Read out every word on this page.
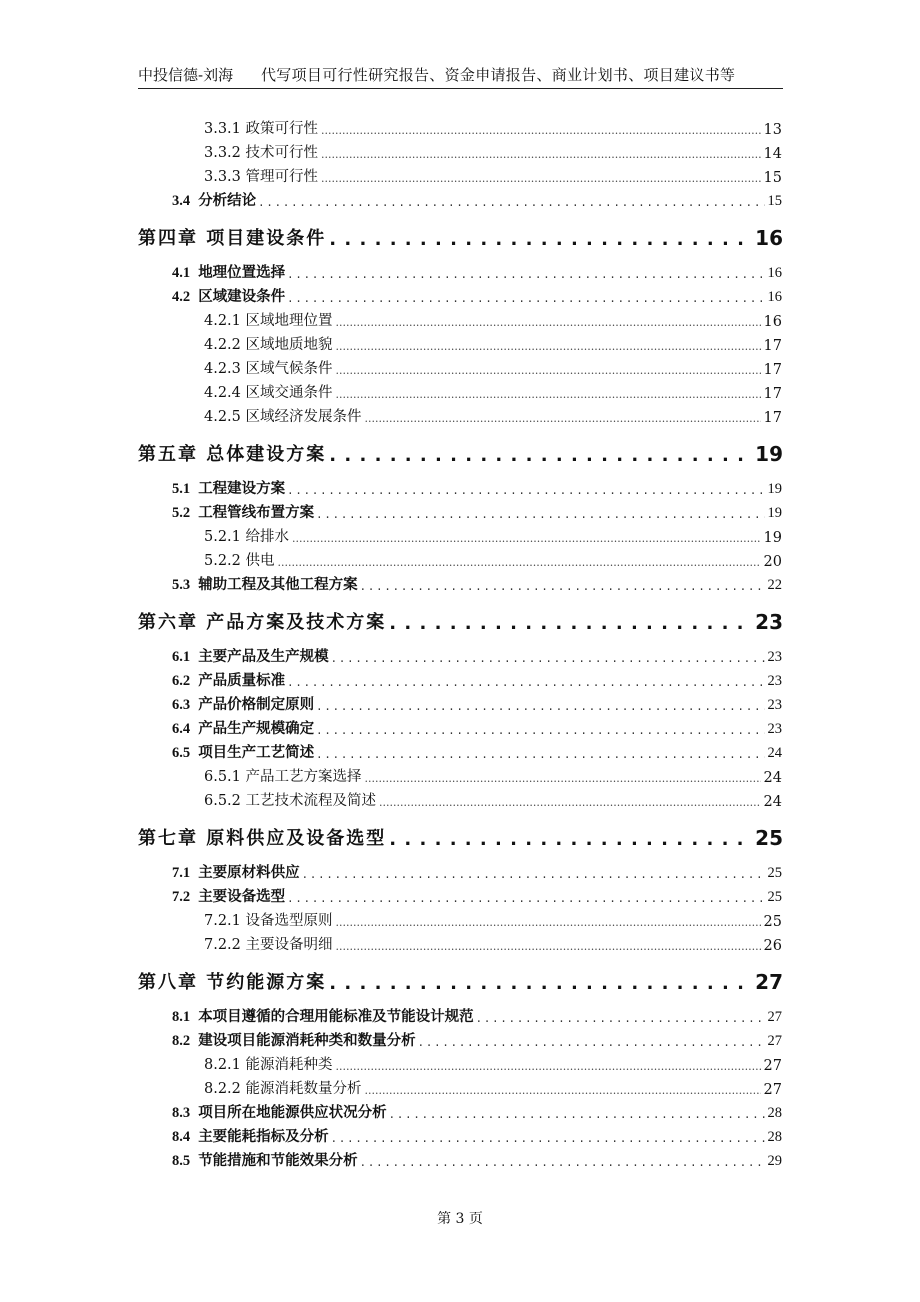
中投信德-刘海 代写项目可行性研究报告、资金申请报告、商业计划书、项目建议书等
3.3.1 政策可行性 .....	13
3.3.2 技术可行性 .....	14
3.3.3 管理可行性 .....	15
3.4 分析结论 . . .	15
第四章 项目建设条件 . . .	16
4.1 地理位置选择 . . .	16
4.2 区域建设条件 . . .	16
4.2.1 区域地理位置 .....	16
4.2.2 区域地质地貌 .....	17
4.2.3 区域气候条件 .....	17
4.2.4 区域交通条件 .....	17
4.2.5 区域经济发展条件 .....	17
第五章 总体建设方案 . . .	19
5.1 工程建设方案 . . .	19
5.2 工程管线布置方案 . . .	19
5.2.1 给排水 .....	19
5.2.2 供电 .....	20
5.3 辅助工程及其他工程方案 . . .	22
第六章 产品方案及技术方案 . . .	23
6.1 主要产品及生产规模 . . .	23
6.2 产品质量标准 . . .	23
6.3 产品价格制定原则 . . .	23
6.4 产品生产规模确定 . . .	23
6.5 项目生产工艺简述 . . .	24
6.5.1 产品工艺方案选择 .....	24
6.5.2 工艺技术流程及简述 .....	24
第七章 原料供应及设备选型 . . .	25
7.1 主要原材料供应 . . .	25
7.2 主要设备选型 . . .	25
7.2.1 设备选型原则 .....	25
7.2.2 主要设备明细 .....	26
第八章 节约能源方案 . . .	27
8.1 本项目遵循的合理用能标准及节能设计规范 . . .	27
8.2 建设项目能源消耗种类和数量分析 . . .	27
8.2.1 能源消耗种类 .....	27
8.2.2 能源消耗数量分析 .....	27
8.3 项目所在地能源供应状况分析 . . .	28
8.4 主要能耗指标及分析 . . .	28
8.5 节能措施和节能效果分析 . . .	29
第 3 页
